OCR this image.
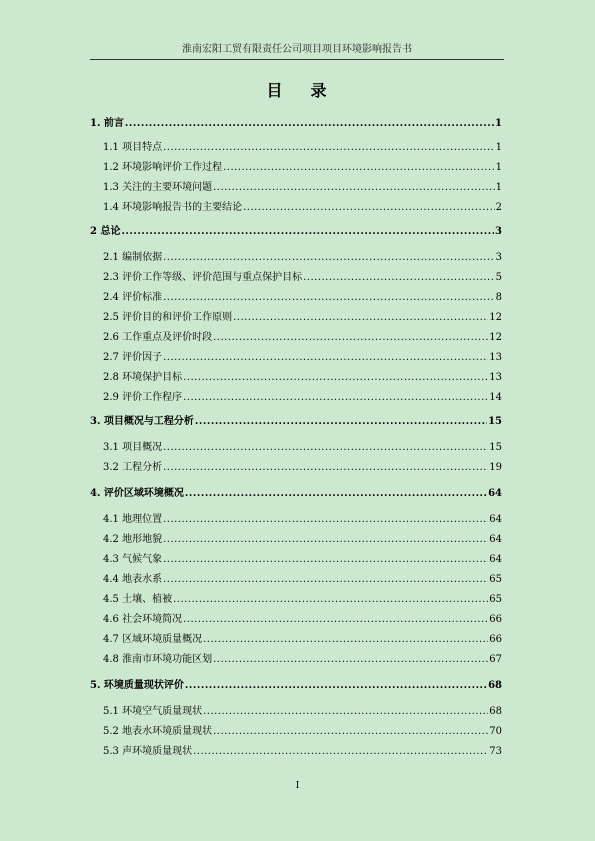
淮南宏阳工贸有限责任公司项目项目环境影响报告书
目 录
1. 前言 .....	1
1.1 项目特点 .....	1
1.2 环境影响评价工作过程 .....	1
1.3 关注的主要环境问题 .....	1
1.4 环境影响报告书的主要结论 .....	2
2 总论 .....	3
2.1 编制依据 .....	3
2.3 评价工作等级、评价范围与重点保护目标 .....	5
2.4 评价标准 .....	8
2.5 评价目的和评价工作原则 .....	12
2.6 工作重点及评价时段 .....	12
2.7 评价因子 .....	13
2.8 环境保护目标 .....	13
2.9 评价工作程序 .....	14
3. 项目概况与工程分析 .....	15
3.1 项目概况 .....	15
3.2 工程分析 .....	19
4. 评价区域环境概况 .....	64
4.1 地理位置 .....	64
4.2 地形地貌 .....	64
4.3 气候气象 .....	64
4.4 地表水系 .....	65
4.5 土壤、植被 .....	65
4.6 社会环境简况 .....	66
4.7 区域环境质量概况 .....	66
4.8 淮南市环境功能区划 .....	67
5. 环境质量现状评价 .....	68
5.1 环境空气质量现状 .....	68
5.2 地表水环境质量现状 .....	70
5.3 声环境质量现状 .....	73
I
